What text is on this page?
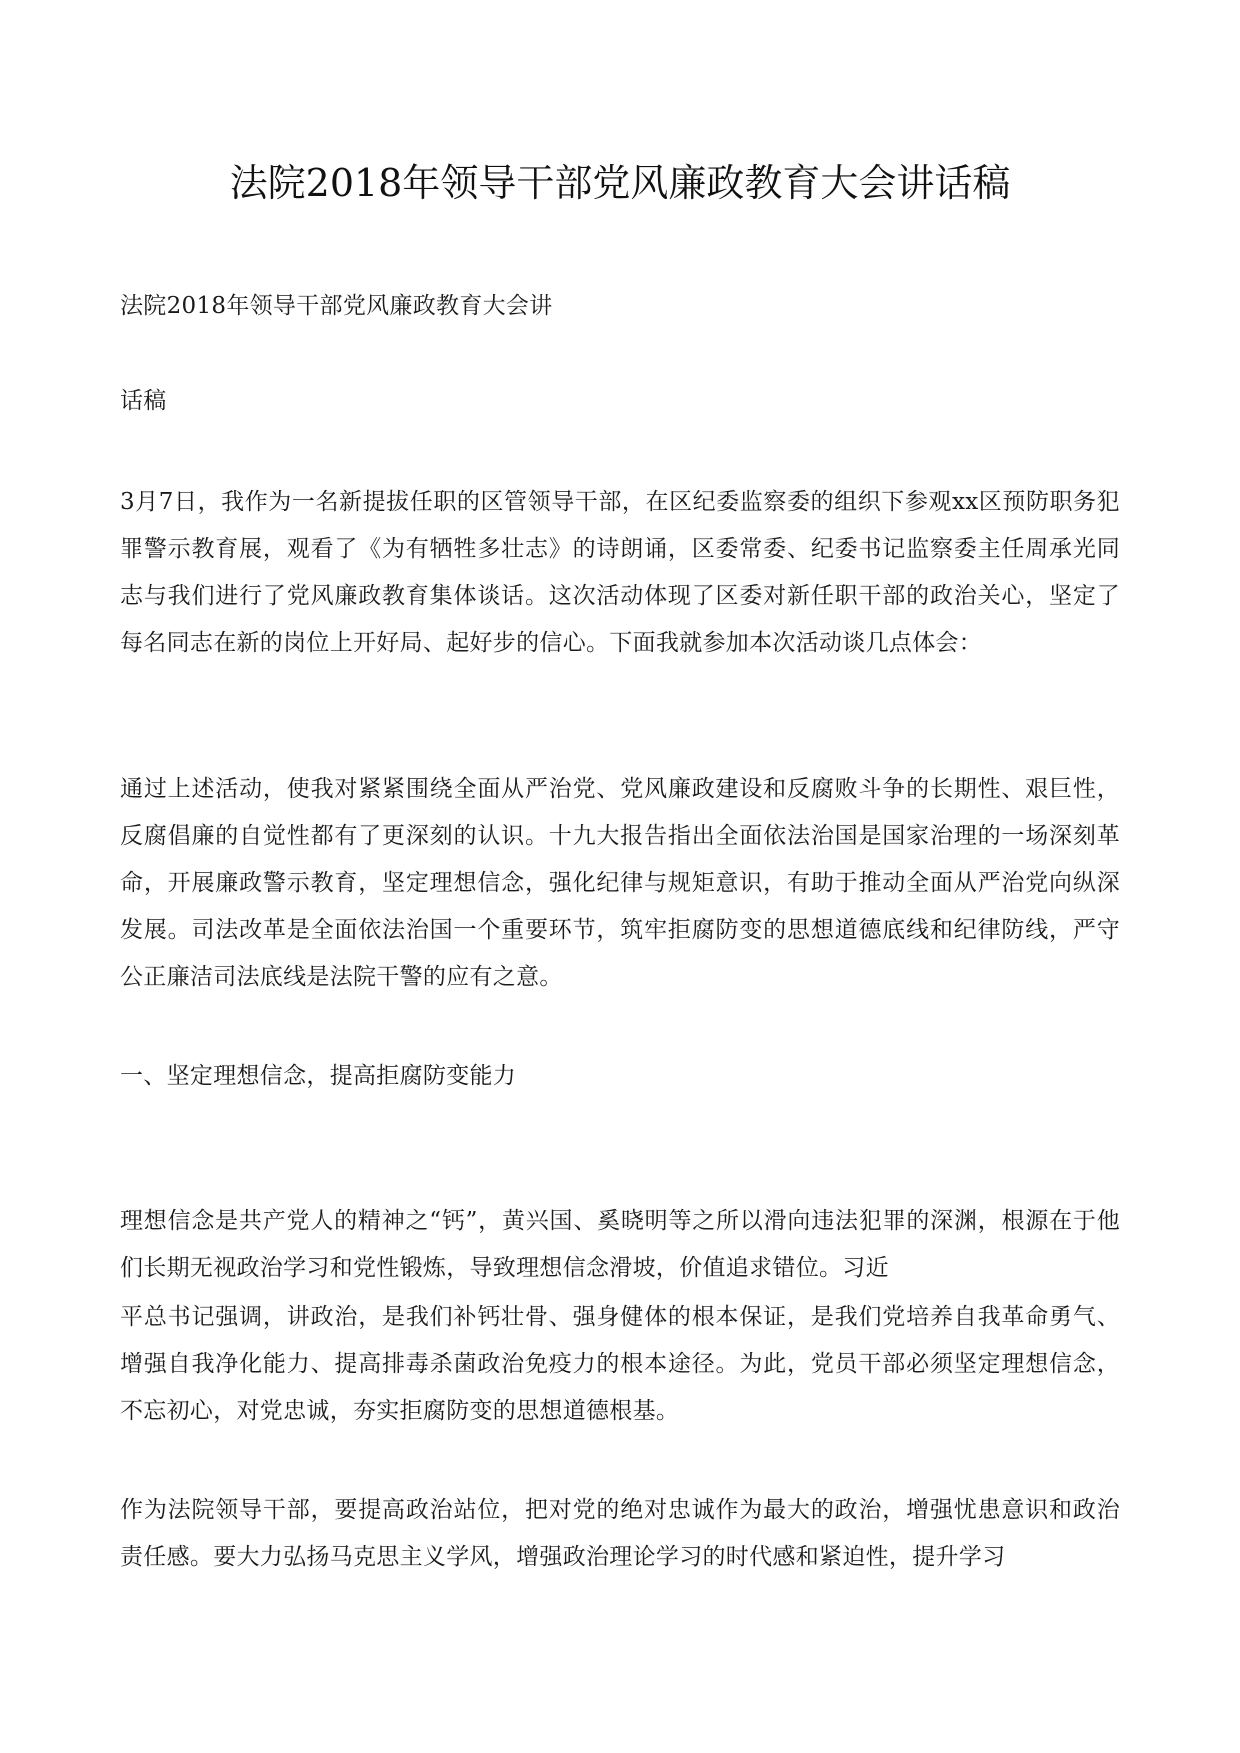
法院2018年领导干部党风廉政教育大会讲话稿

法院2018年领导干部党风廉政教育大会讲

话稿

3月7日，我作为一名新提拔任职的区管领导干部，在区纪委监察委的组织下参观xx区预防职务犯罪警示教育展，观看了《为有牺牲多壮志》的诗朗诵，区委常委、纪委书记监察委主任周承光同志与我们进行了党风廉政教育集体谈话。这次活动体现了区委对新任职干部的政治关心，坚定了每名同志在新的岗位上开好局、起好步的信心。下面我就参加本次活动谈几点体会：

通过上述活动，使我对紧紧围绕全面从严治党、党风廉政建设和反腐败斗争的长期性、艰巨性，反腐倡廉的自觉性都有了更深刻的认识。十九大报告指出全面依法治国是国家治理的一场深刻革命，开展廉政警示教育，坚定理想信念，强化纪律与规矩意识，有助于推动全面从严治党向纵深发展。司法改革是全面依法治国一个重要环节，筑牢拒腐防变的思想道德底线和纪律防线，严守公正廉洁司法底线是法院干警的应有之意。

一、坚定理想信念，提高拒腐防变能力

理想信念是共产党人的精神之“钙”，黄兴国、奚晓明等之所以滑向违法犯罪的深渊，根源在于他们长期无视政治学习和党性锻炼，导致理想信念滑坡，价值追求错位。习近

平总书记强调，讲政治，是我们补钙壮骨、强身健体的根本保证，是我们党培养自我革命勇气、增强自我净化能力、提高排毒杀菌政治免疫力的根本途径。为此，党员干部必须坚定理想信念，不忘初心，对党忠诚，夯实拒腐防变的思想道德根基。

作为法院领导干部，要提高政治站位，把对党的绝对忠诚作为最大的政治，增强忧患意识和政治责任感。要大力弘扬马克思主义学风，增强政治理论学习的时代感和紧迫性，提升学习
